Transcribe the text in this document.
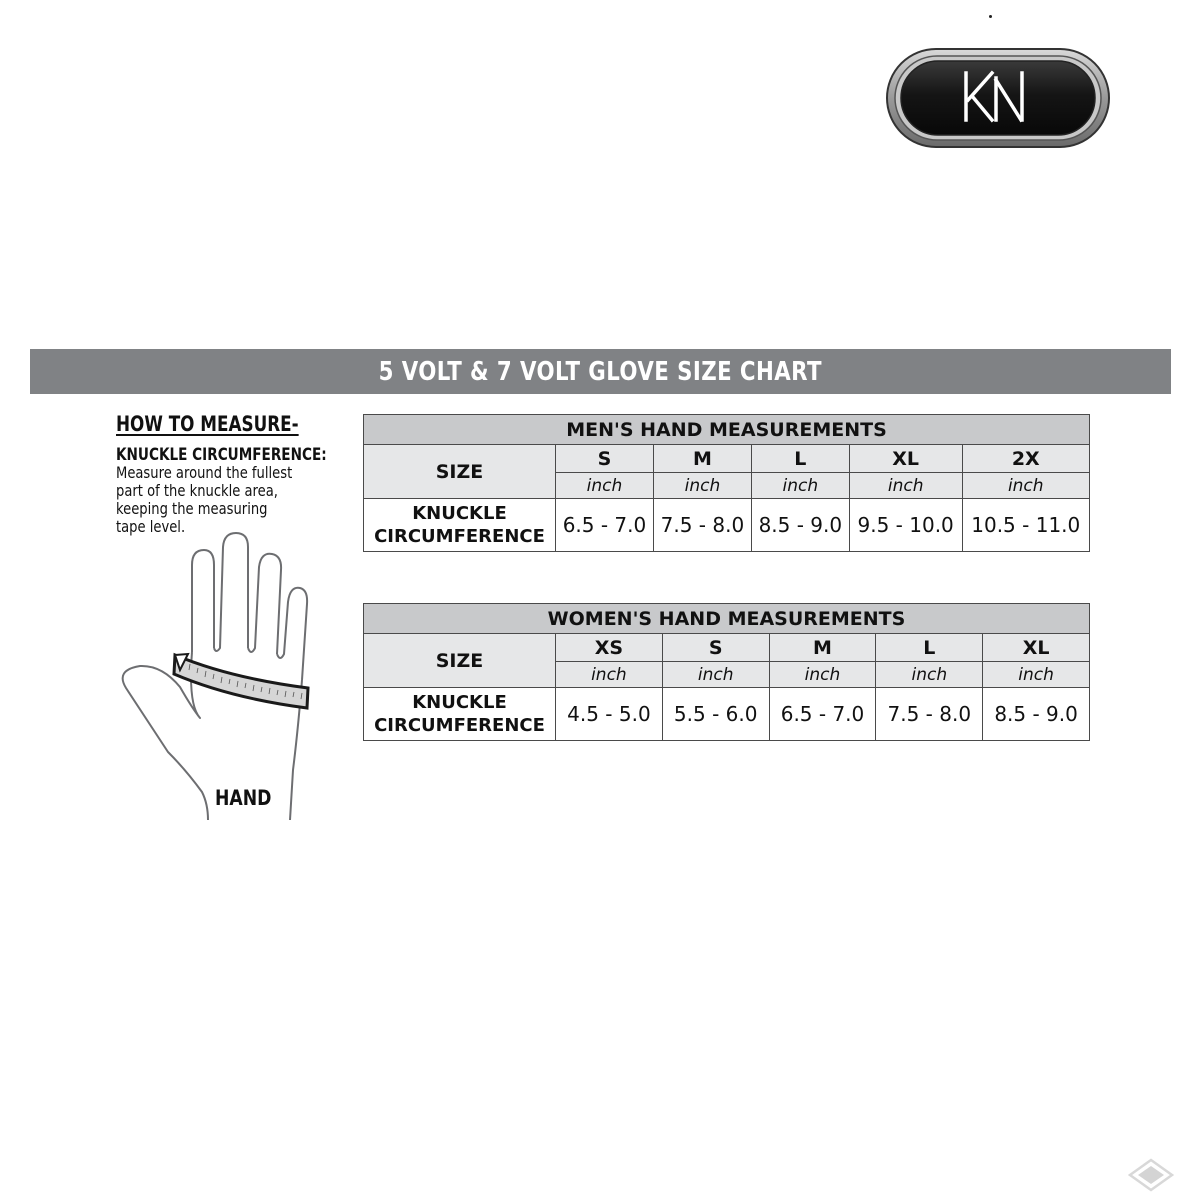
5 VOLT & 7 VOLT GLOVE SIZE CHART
HOW TO MEASURE-
KNUCKLE CIRCUMFERENCE:
Measure around the fullest
part of the knuckle area,
keeping the measuring
tape level.
HAND
MEN'S HAND MEASUREMENTS					
SIZE	S	M	L	XL	2X
	inch	inch	inch	inch	inch

KNUCKLE
CIRCUMFERENCE	6.5 - 7.0	7.5 - 8.0	8.5 - 9.0	9.5 - 10.0	10.5 - 11.0
WOMEN'S HAND MEASUREMENTS					
SIZE	XS	S	M	L	XL
	inch	inch	inch	inch	inch

KNUCKLE
CIRCUMFERENCE	4.5 - 5.0	5.5 - 6.0	6.5 - 7.0	7.5 - 8.0	8.5 - 9.0
